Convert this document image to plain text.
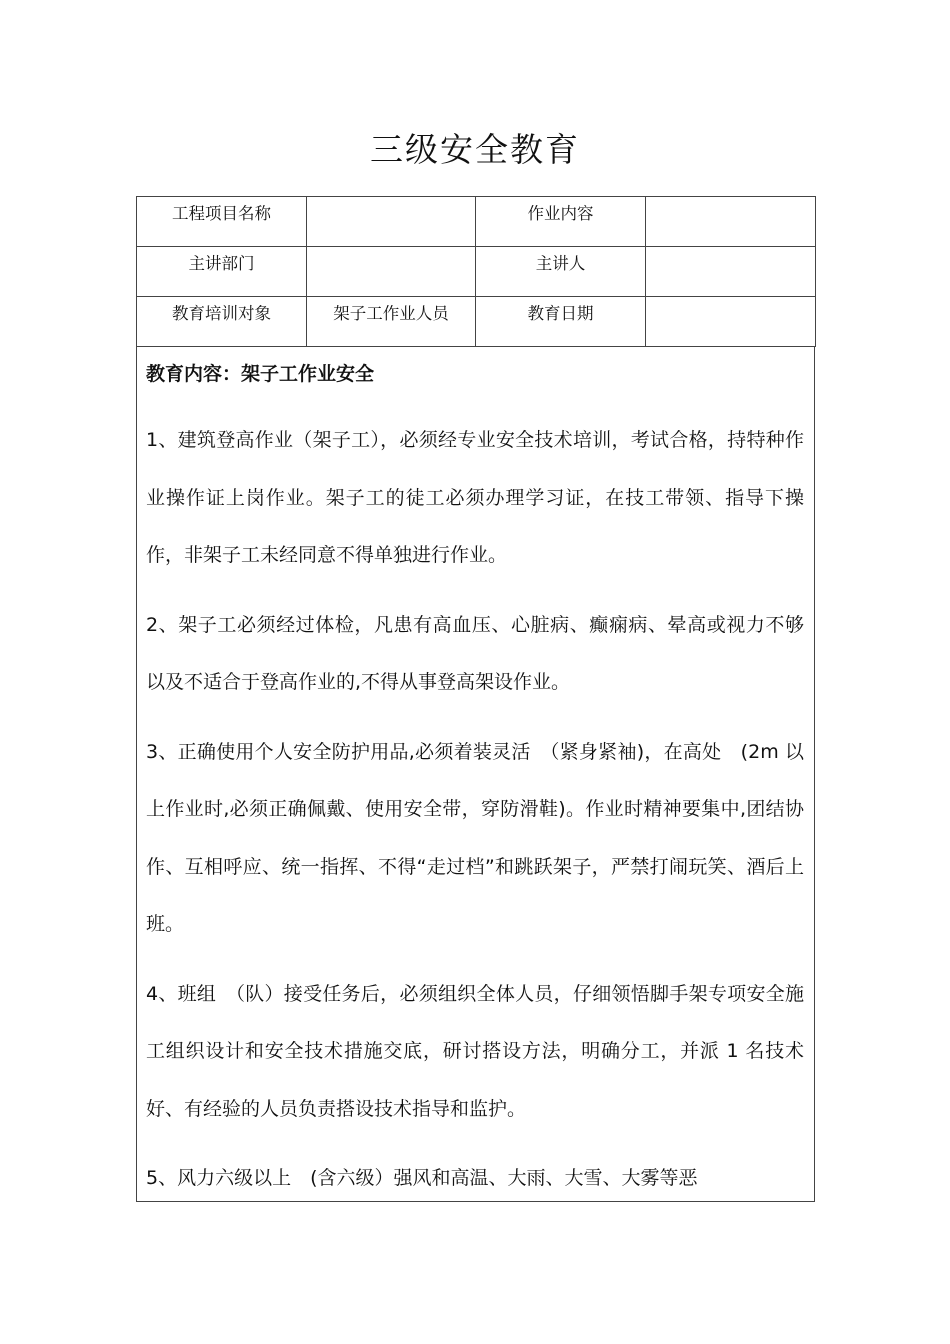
三级安全教育
工程项目名称		作业内容	
主讲部门		主讲人	
教育培训对象	架子工作业人员	教育日期	

教育内容：架子工作业安全

1、建筑登高作业（架子工），必须经专业安全技术培训，考试合格，持特种作业操作证上岗作业。架子工的徒工必须办理学习证，在技工带领、指导下操作，非架子工未经同意不得单独进行作业。

2、架子工必须经过体检，凡患有高血压、心脏病、癫痫病、晕高或视力不够以及不适合于登高作业的,不得从事登高架设作业。

3、正确使用个人安全防护用品,必须着装灵活　（紧身紧袖)，在高处　(2m 以上作业时,必须正确佩戴、使用安全带，穿防滑鞋)。作业时精神要集中,团结协作、互相呼应、统一指挥、不得“走过档”和跳跃架子，严禁打闹玩笑、酒后上班。

4、班组　（队）接受任务后，必须组织全体人员，仔细领悟脚手架专项安全施工组织设计和安全技术措施交底，研讨搭设方法，明确分工，并派 1 名技术好、有经验的人员负责搭设技术指导和监护。

5、风力六级以上　(含六级）强风和高温、大雨、大雪、大雾等恶
